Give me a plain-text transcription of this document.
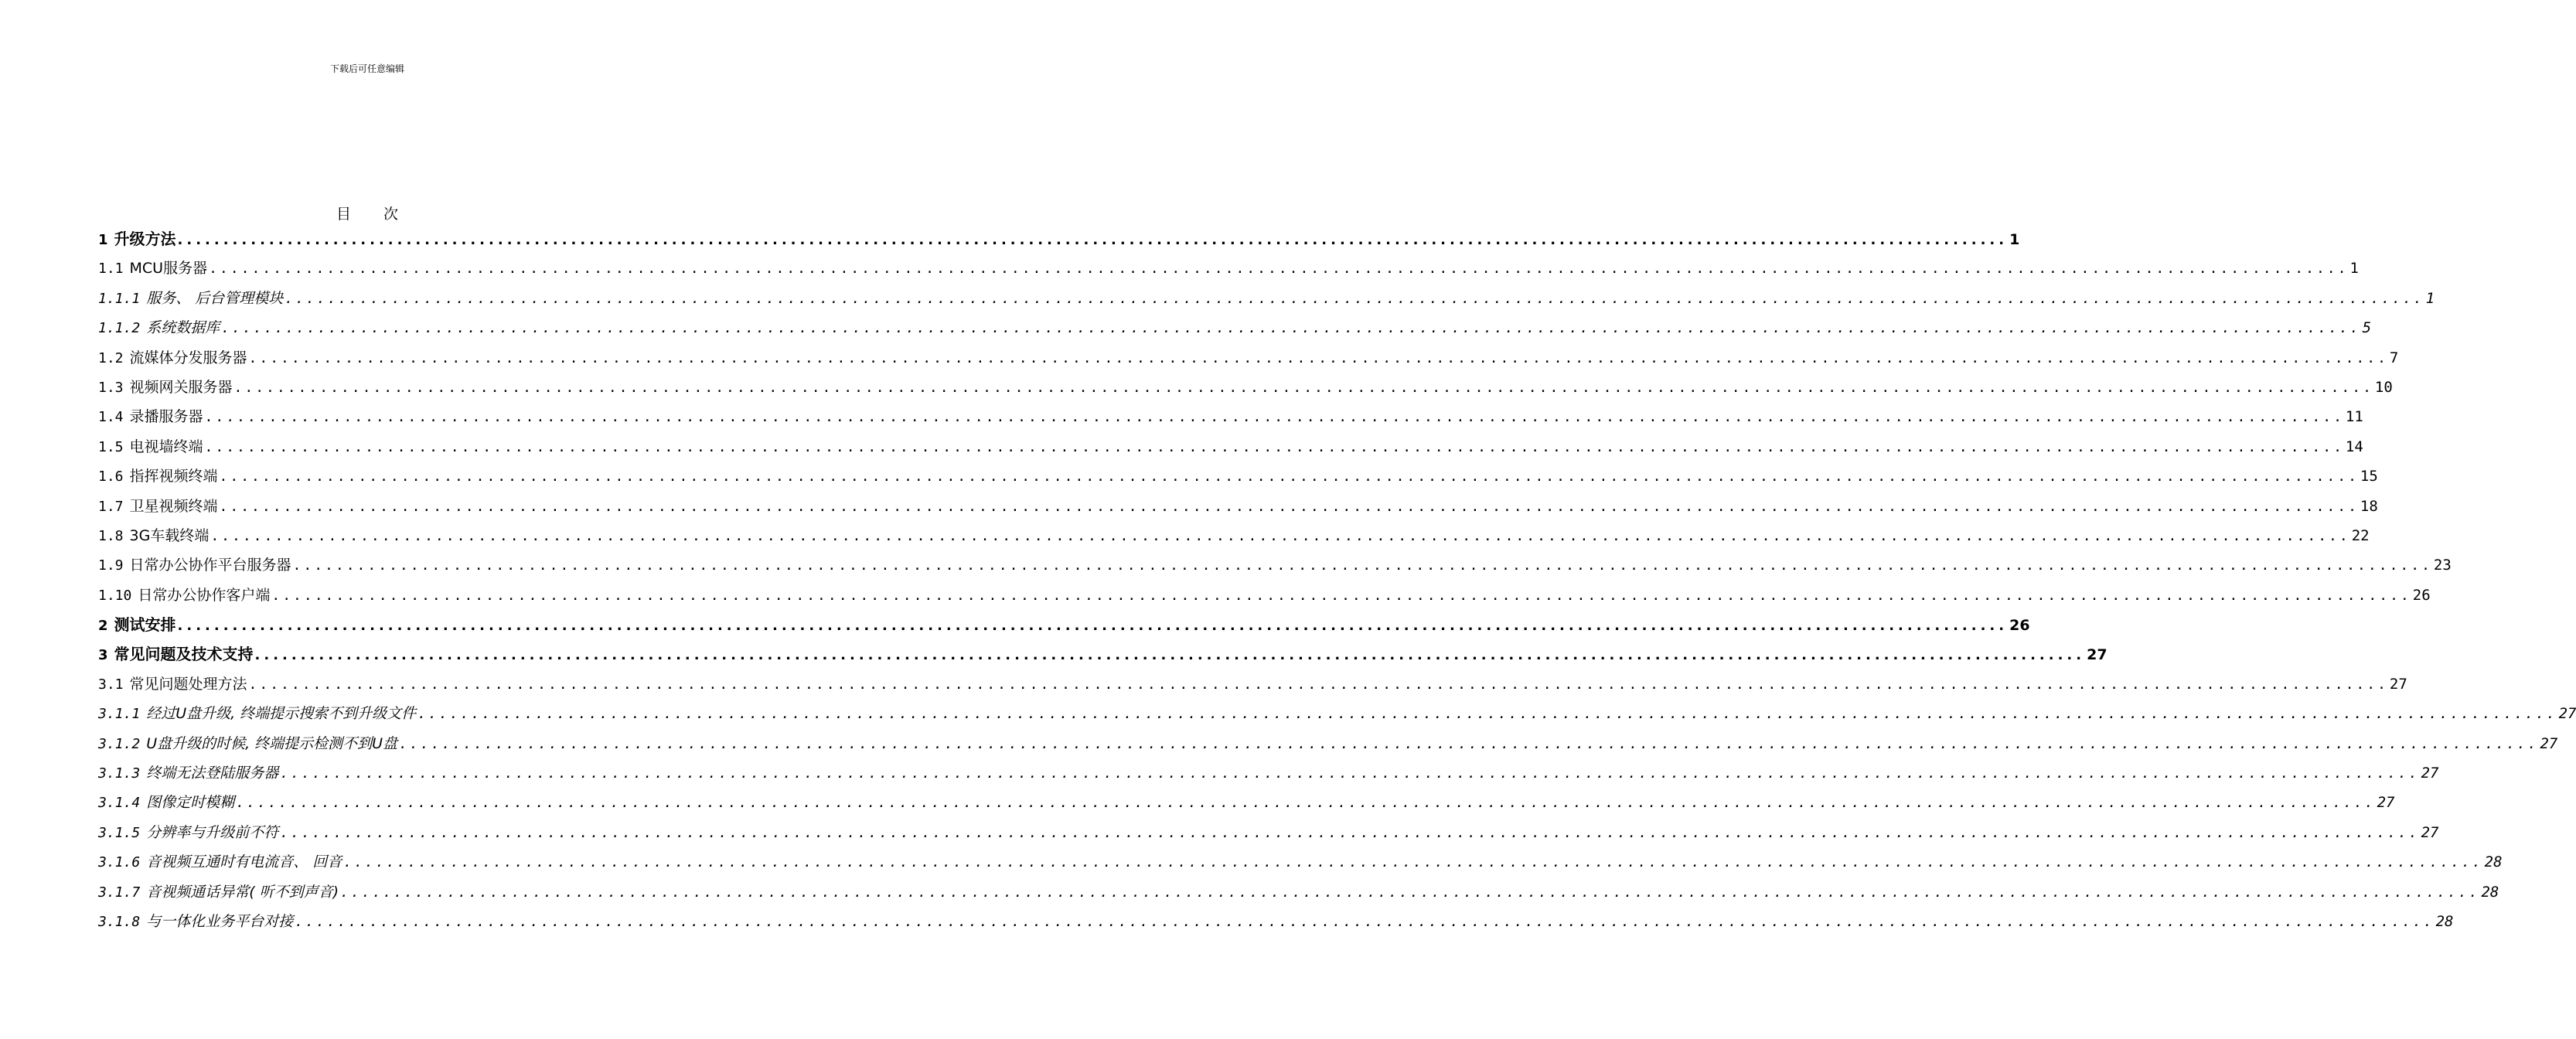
下载后可任意编辑
目次
1 升级方法 ........................................................................................................................................................................................................ 1
1.1 MCU服务器 ........................................................................................................................................................................................................ 1
1.1.1 服务、 后台管理模块 ........................................................................................................................................................................................................ 1
1.1.2 系统数据库 ........................................................................................................................................................................................................ 5
1.2 流媒体分发服务器 ........................................................................................................................................................................................................ 7
1.3 视频网关服务器 ........................................................................................................................................................................................................ 10
1.4 录播服务器 ........................................................................................................................................................................................................ 11
1.5 电视墙终端 ........................................................................................................................................................................................................ 14
1.6 指挥视频终端 ........................................................................................................................................................................................................ 15
1.7 卫星视频终端 ........................................................................................................................................................................................................ 18
1.8 3G车载终端 ........................................................................................................................................................................................................ 22
1.9 日常办公协作平台服务器 ........................................................................................................................................................................................................ 23
1.10 日常办公协作客户端 ........................................................................................................................................................................................................ 26
2 测试安排 ........................................................................................................................................................................................................ 26
3 常见问题及技术支持 ........................................................................................................................................................................................................ 27
3.1 常见问题处理方法 ........................................................................................................................................................................................................ 27
3.1.1 经过U盘升级, 终端提示搜索不到升级文件 ........................................................................................................................................................................................................ 27
3.1.2 U盘升级的时候, 终端提示检测不到U盘 ........................................................................................................................................................................................................ 27
3.1.3 终端无法登陆服务器 ........................................................................................................................................................................................................ 27
3.1.4 图像定时模糊 ........................................................................................................................................................................................................ 27
3.1.5 分辨率与升级前不符 ........................................................................................................................................................................................................ 27
3.1.6 音视频互通时有电流音、 回音 ........................................................................................................................................................................................................ 28
3.1.7 音视频通话异常( 听不到声音) ........................................................................................................................................................................................................ 28
3.1.8 与一体化业务平台对接 ........................................................................................................................................................................................................ 28
